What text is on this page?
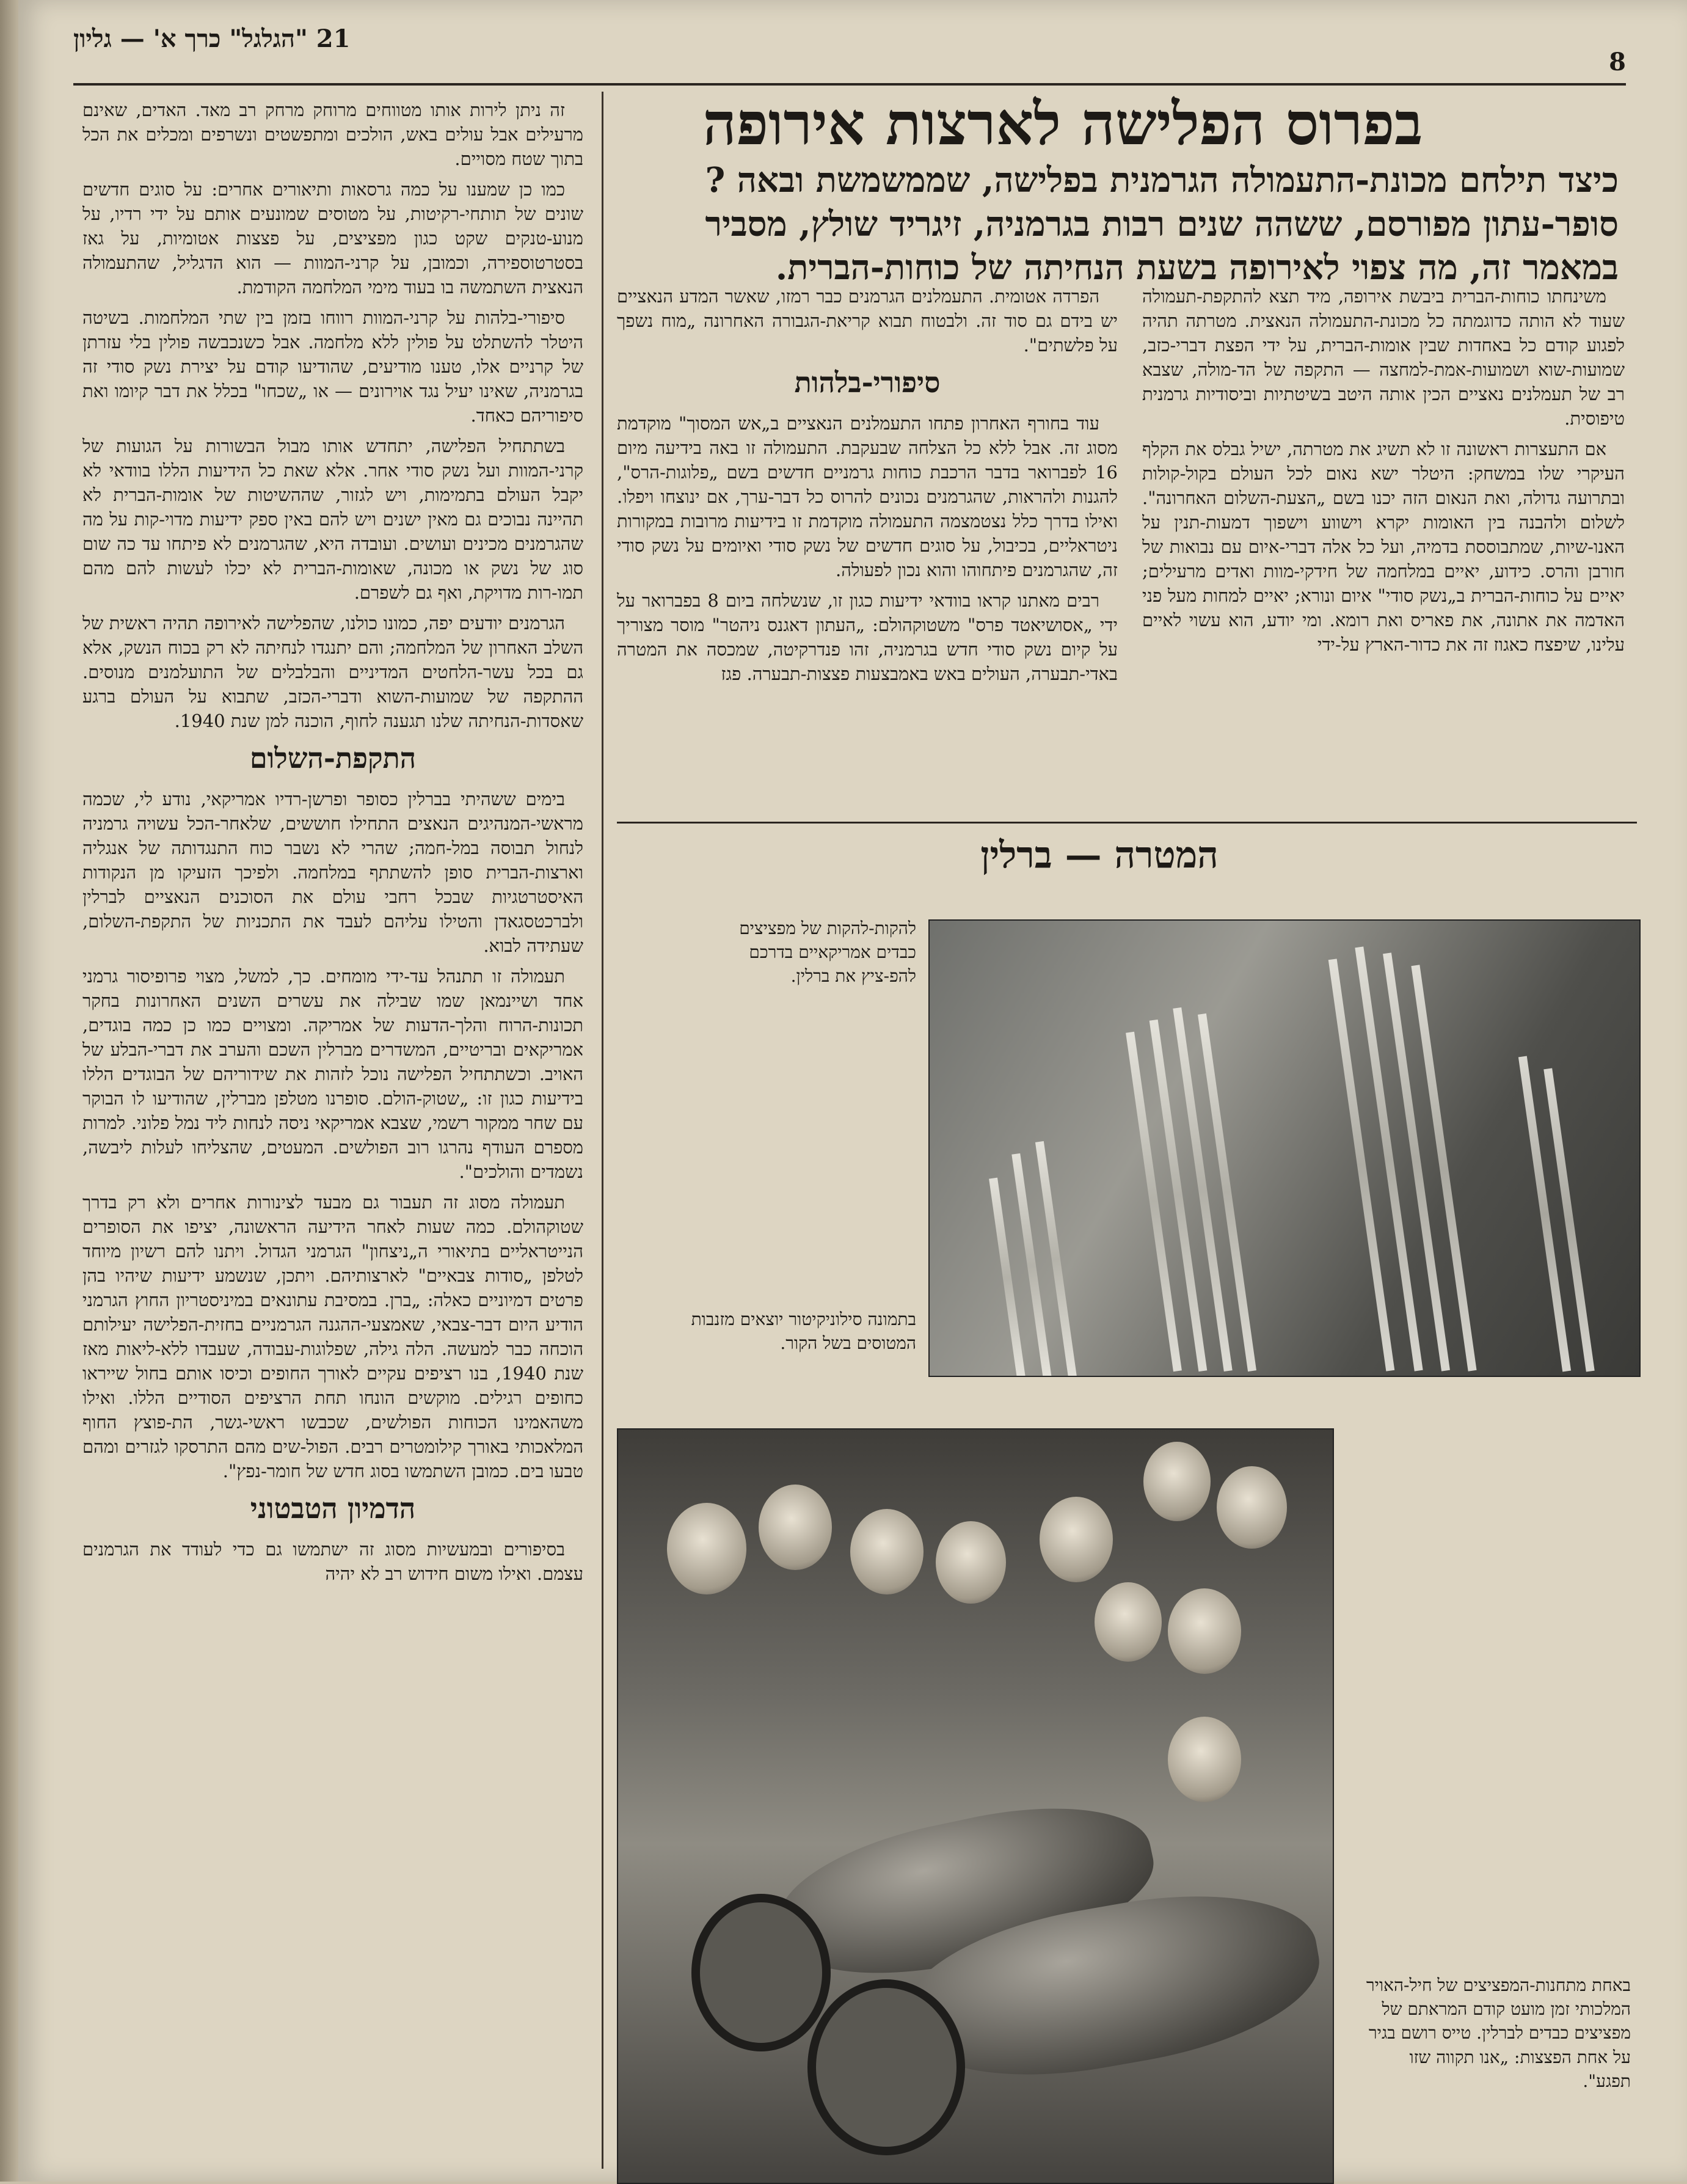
21 "הגלגל" כרך א' — גליון
8
בפרוס הפלישה לארצות אירופה
כיצד תילחם מכונת-התעמולה הגרמנית בפלישה, שממשמשת ובאה ? סופר-עתון מפורסם, ששהה שנים רבות בגרמניה, זיגריד שולץ, מסביר במאמר זה, מה צפוי לאירופה בשעת הנחיתה של כוחות-הברית.

משינחתו כוחות-הברית ביבשת אירופה, מיד תצא להתקפת-תעמולה שעוד לא הותה כדוגמתה כל מכונת-התעמולה הנאצית. מטרתה תהיה לפגוע קודם כל באחדות שבין אומות-הברית, על ידי הפצת דברי-כזב, שמועות-שוא ושמועות-אמת-למחצה — התקפה של הד-מולה, שצבא רב של תעמלנים נאציים הכין אותה היטב בשיטתיות וביסודיות גרמנית טיפוסית.

אם התעצרות ראשונה זו לא תשיג את מטרתה, ישיל גבלס את הקלף העיקרי שלו במשחק: היטלר ישא נאום לכל העולם בקול-קולות ובתרועה גדולה, ואת הנאום הזה יכנו בשם „הצעת-השלום האחרונה". לשלום ולהבנה בין האומות יקרא וישווע וישפוך דמעות-תנין על האנו-שיות, שמתבוססת בדמיה, ועל כל אלה דברי-איום עם נבואות של חורבן והרס. כידוע, יאיים במלחמה של חידקי-מוות ואדים מרעילים; יאיים על כוחות-הברית ב„נשק סודי" איום ונורא; יאיים למחות מעל פני האדמה את אתונה, את פאריס ואת רומא. ומי יודע, הוא עשוי לאיים עלינו, שיפצח כאגוז זה את כדור-הארץ על-ידי

הפרדה אטומית. התעמלנים הגרמנים כבר רמזו, שאשר המדע הנאציים יש בידם גם סוד זה. ולבטוח תבוא קריאת-הגבורה האחרונה „מוח נשפך על פלשתים".

סיפורי-בלהות

עוד בחורף האחרון פתחו התעמלנים הנאציים ב„אש המסוך" מוקדמת מסוג זה. אבל ללא כל הצלחה שבעקבת. התעמולה זו באה בידיעה מיום 16 לפברואר בדבר הרכבת כוחות גרמניים חדשים בשם „פלוגות-הרס", להגנות ולהראות, שהגרמנים נכונים להרוס כל דבר-ערך, אם ינוצחו ויפלו. ואילו בדרך כלל נצטמצמה התעמולה מוקדמת זו בידיעות מרובות במקורות ניטראליים, בכיבול, על סוגים חדשים של נשק סודי ואיומים על נשק סודי זה, שהגרמנים פיתחוהו והוא נכון לפעולה.

רבים מאתנו קראו בוודאי ידיעות כגון זו, שנשלחה ביום 8 בפברואר על ידי „אסושיאטד פרס" משטוקהולם: „העתון דאגנס ניהטר" מוסר מצוריך על קיום נשק סודי חדש בגרמניה, זהו פנדרקיטה, שמכסה את המטרה באדי-תבערה, העולים באש באמבצעות פצצות-תבערה. פגז

המטרה — ברלין
להקות-להקות של מפציצים כבדים אמריקאיים בדרכם להפ-ציץ את ברלין.
בתמונה סילוניקיטור יוצאים מזנבות המטוסים בשל הקור.
באחת מתחנות-המפציצים של חיל-האויר המלכותי זמן מועט קודם המראתם של מפציצים כבדים לברלין. טייס רושם בגיר על אחת הפצצות: „אנו תקווה שזו תפגע".

זה ניתן לירות אותו מטווחים מרוחק מרחק רב מאד. האדים, שאינם מרעילים אבל עולים באש, הולכים ומתפשטים ונשרפים ומכלים את הכל בתוך שטח מסויים.

כמו כן שמענו על כמה גרסאות ותיאורים אחרים: על סוגים חדשים שונים של תותחי-רקיטות, על מטוסים שמונעים אותם על ידי רדיו, על מנוע-טנקים שקט כגון מפציצים, על פצצות אטומיות, על גאז בסטרטוספירה, וכמובן, על קרני-המוות — הוא הדגליל, שהתעמולה הנאצית השתמשה בו בעוד מימי המלחמה הקודמת.

סיפורי-בלהות על קרני-המוות רווחו בזמן בין שתי המלחמות. בשיטה היטלר להשתלט על פולין ללא מלחמה. אבל כשנכבשה פולין בלי עזרתן של קרניים אלו, טענו מודיעים, שהודיעו קודם על יצירת נשק סודי זה בגרמניה, שאינו יעיל נגד אוירונים — או „שכחו" בכלל את דבר קיומו ואת סיפוריהם כאחד.

בשתתחיל הפלישה, יתחדש אותו מבול הבשורות על הגועות של קרני-המוות ועל נשק סודי אחר. אלא שאת כל הידיעות הללו בוודאי לא יקבל העולם בתמימות, ויש לגזור, שההשיטות של אומות-הברית לא תהיינה נבוכים גם מאין ישנים ויש להם באין ספק ידיעות מדוי-קות על מה שהגרמנים מכינים ועושים. ועובדה היא, שהגרמנים לא פיתחו עד כה שום סוג של נשק או מכונה, שאומות-הברית לא יכלו לעשות להם מהם תמו-רות מדויקת, ואף גם לשפרם.

הגרמנים יודעים יפה, כמונו כולנו, שהפלישה לאירופה תהיה ראשית של השלב האחרון של המלחמה; והם יתנגדו לנחיתה לא רק בכוח הנשק, אלא גם בכל עשר-הלחטים המדיניים והבלבלים של התועלמנים מנוסים. ההתקפה של שמועות-השוא ודברי-הכזב, שתבוא על העולם ברגע שאסדות-הנחיתה שלנו תגענה לחוף, הוכנה למן שנת 1940.

התקפת-השלום

בימים ששהיתי בברלין כסופר ופרשן-רדיו אמריקאי, נודע לי, שכמה מראשי-המנהיגים הנאצים התחילו חוששים, שלאחר-הכל עשויה גרמניה לנחול תבוסה במל-חמה; שהרי לא נשבר כוח התנגדותה של אנגליה וארצות-הברית סופן להשתתף במלחמה. ולפיכך הזעיקו מן הנקודות האיסטרטגיות שבכל רחבי עולם את הסוכנים הנאציים לברלין ולברכטסגאדן והטילו עליהם לעבד את התכניות של התקפת-השלום, שעתידה לבוא.

תעמולה זו תתנהל עד-ידי מומחים. כך, למשל, מצוי פרופיסור גרמני אחד ושיינמאן שמו שבילה את עשרים השנים האחרונות בחקר תכונות-הרוח והלך-הדעות של אמריקה. ומצויים כמו כן כמה בוגדים, אמריקאים ובריטיים, המשדרים מברלין השכם והערב את דברי-הבלע של האויב. וכשתתחיל הפלישה נוכל לזהות את שידוריהם של הבוגדים הללו בידיעות כגון זו: „שטוק-הולם. סופרנו מטלפן מברלין, שהודיעו לו הבוקר עם שחר ממקור רשמי, שצבא אמריקאי ניסה לנחות ליד נמל פלוני. למרות מספרם העודף נהרגו רוב הפולשים. המעטים, שהצליחו לעלות ליבשה, נשמדים והולכים".

תעמולה מסוג זה תעבור גם מבעד לצינורות אחרים ולא רק בדרך שטוקהולם. כמה שעות לאחר הידיעה הראשונה, יציפו את הסופרים הנייטראליים בתיאורי ה„ניצחון" הגרמני הגדול. ויתנו להם רשיון מיוחד לטלפן „סודות צבאיים" לארצותיהם. ויתכן, שנשמע ידיעות שיהיו בהן פרטים דמיוניים כאלה: „ברן. במסיבת עתונאים במיניסטריון החוץ הגרמני הודיע היום דבר-צבאי, שאמצעי-ההגנה הגרמניים בחזית-הפלישה יעילותם הוכחה כבר למעשה. הלה גילה, שפלוגות-עבודה, שעבדו ללא-ליאות מאז שנת 1940, בנו רציפים עקיים לאורך החופים וכיסו אותם בחול שייראו כחופים רגילים. מוקשים הונחו תחת הרציפים הסודיים הללו. ואילו משהאמינו הכוחות הפולשים, שכבשו ראשי-גשר, הת-פוצץ החוף המלאכותי באורך קילומטרים רבים. הפול-שים מהם התרסקו לגזרים ומהם טבעו בים. כמובן השתמשו בסוג חדש של חומר-נפץ".

הדמיון הטבטוני

בסיפורים ובמעשיות מסוג זה ישתמשו גם כדי לעודד את הגרמנים עצמם. ואילו משום חידוש רב לא יהיה
